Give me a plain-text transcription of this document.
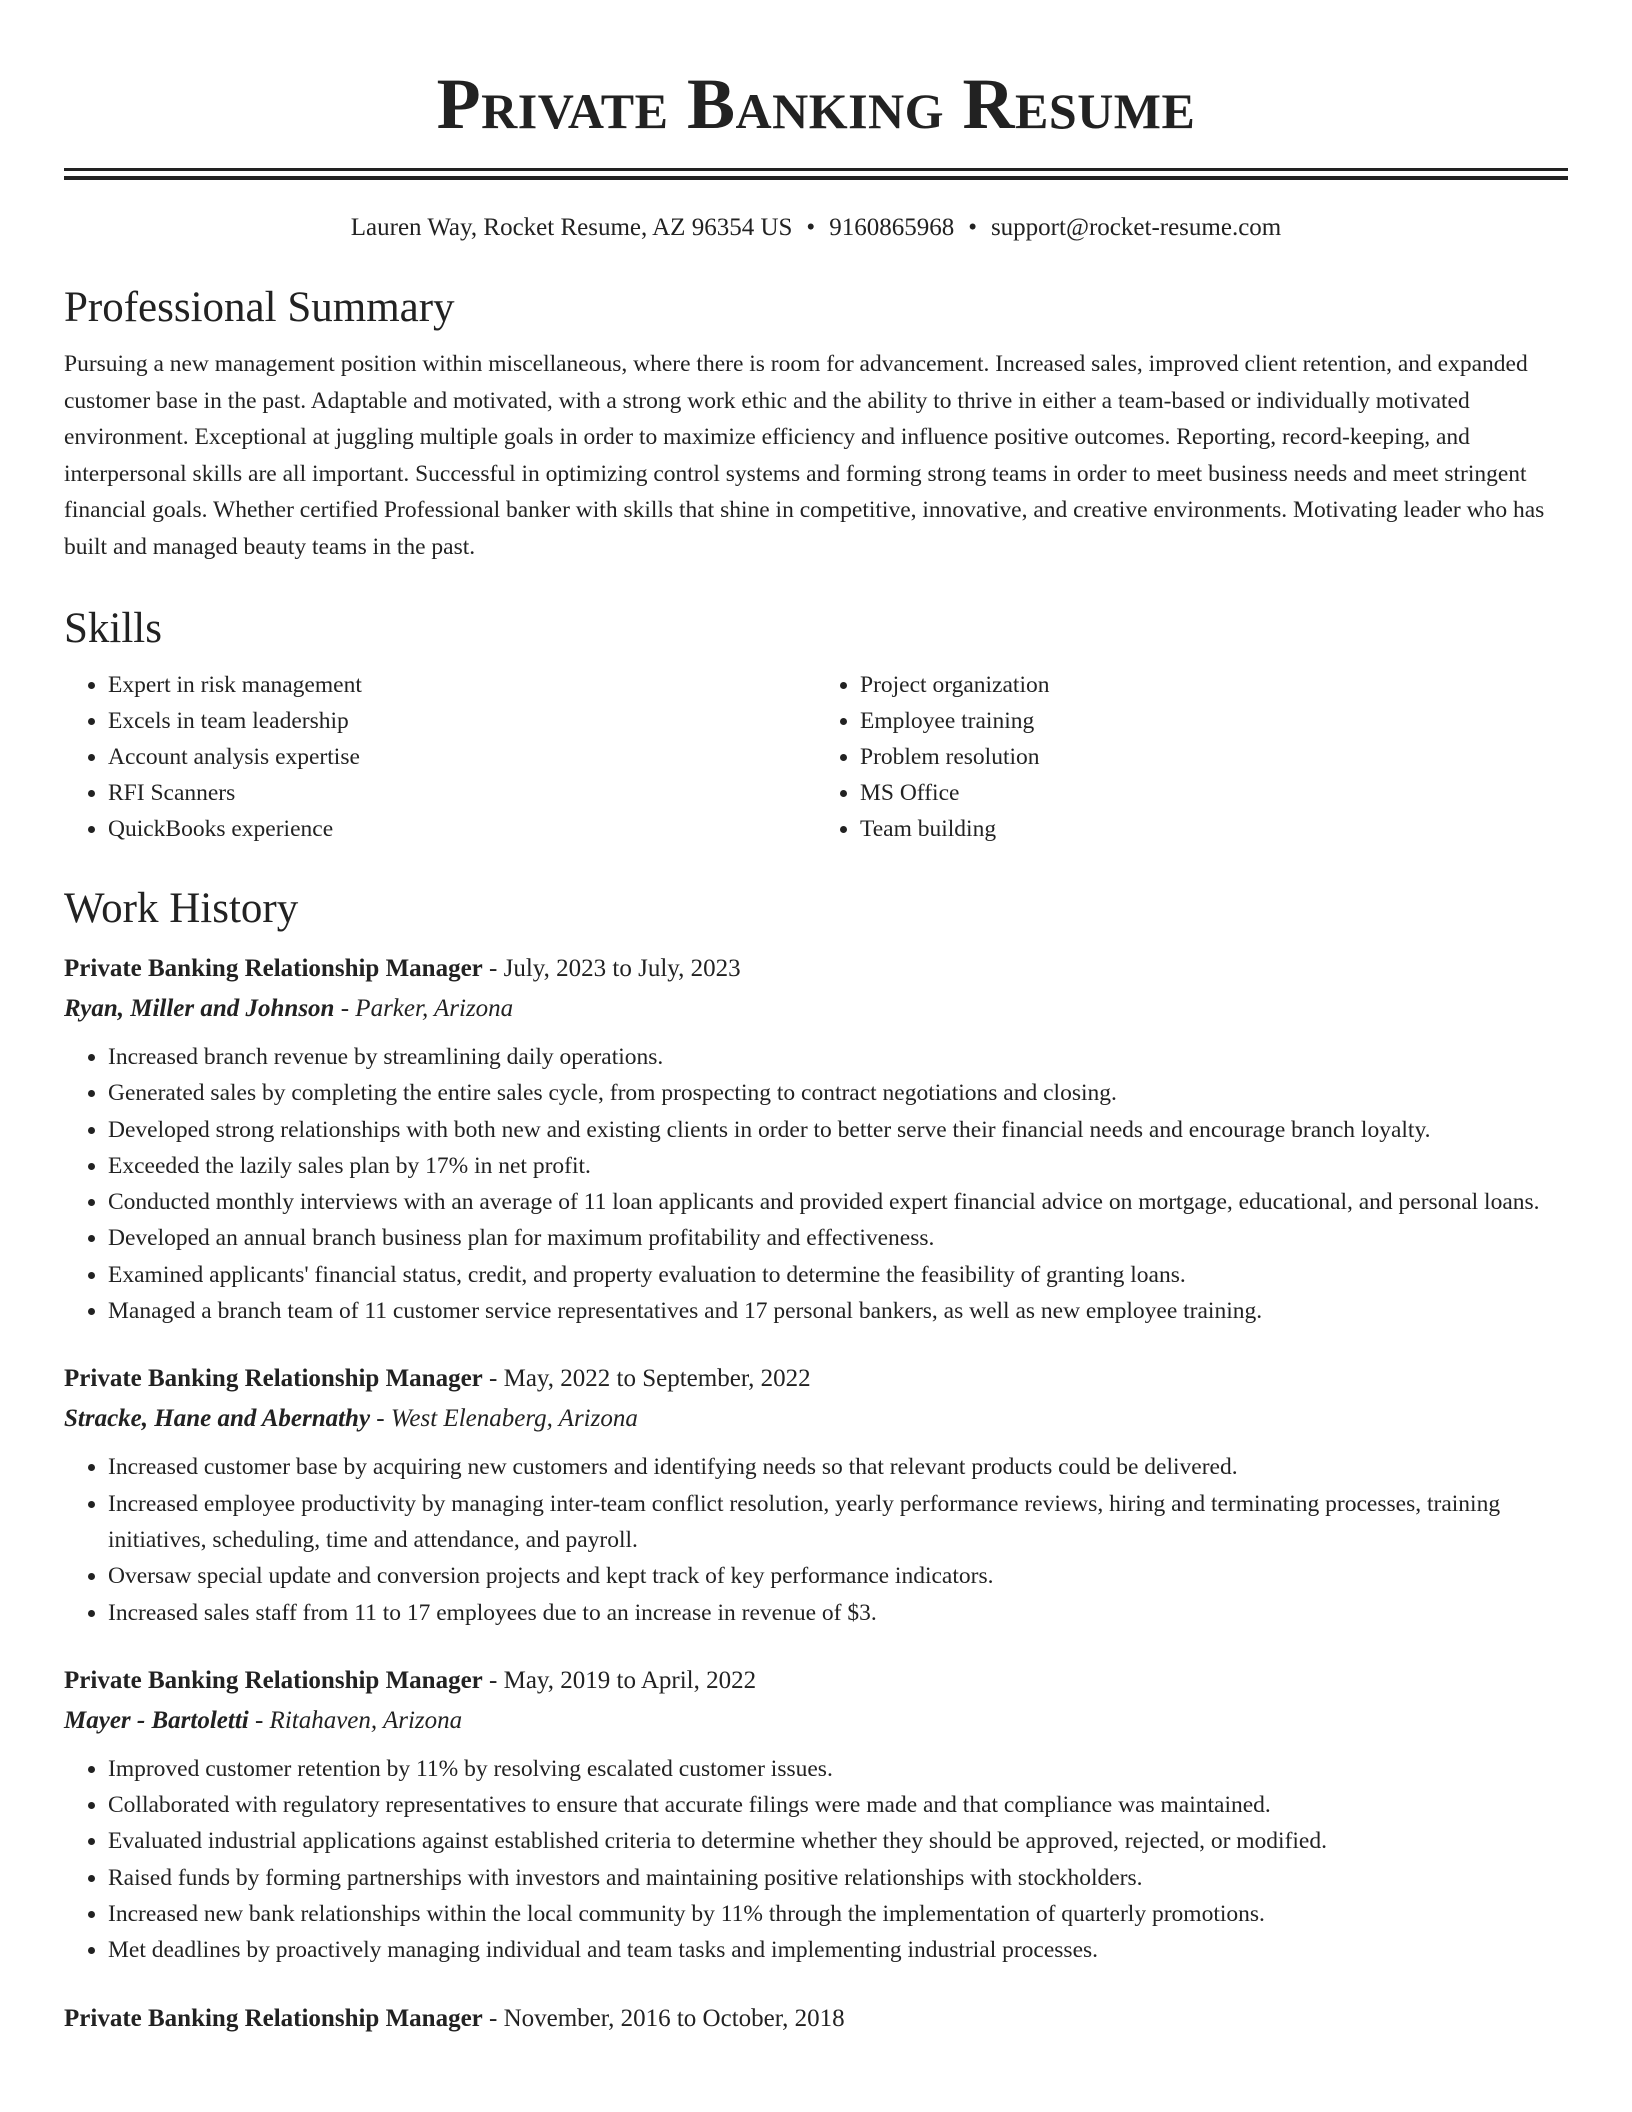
Private Banking Resume
Lauren Way, Rocket Resume, AZ 96354 US • 9160865968 • support@rocket-resume.com
Professional Summary

Pursuing a new management position within miscellaneous, where there is room for advancement. Increased sales, improved client retention, and expanded customer base in the past. Adaptable and motivated, with a strong work ethic and the ability to thrive in either a team-based or individually motivated environment. Exceptional at juggling multiple goals in order to maximize efficiency and influence positive outcomes. Reporting, record-keeping, and interpersonal skills are all important. Successful in optimizing control systems and forming strong teams in order to meet business needs and meet stringent financial goals. Whether certified Professional banker with skills that shine in competitive, innovative, and creative environments. Motivating leader who has built and managed beauty teams in the past.

Skills
• Expert in risk management
• Excels in team leadership
• Account analysis expertise
• RFI Scanners
• QuickBooks experience
• Project organization
• Employee training
• Problem resolution
• MS Office
• Team building
Work History
Private Banking Relationship Manager - July, 2023 to July, 2023
Ryan, Miller and Johnson - Parker, Arizona
• Increased branch revenue by streamlining daily operations.
• Generated sales by completing the entire sales cycle, from prospecting to contract negotiations and closing.
• Developed strong relationships with both new and existing clients in order to better serve their financial needs and encourage branch loyalty.
• Exceeded the lazily sales plan by 17% in net profit.
• Conducted monthly interviews with an average of 11 loan applicants and provided expert financial advice on mortgage, educational, and personal loans.
• Developed an annual branch business plan for maximum profitability and effectiveness.
• Examined applicants' financial status, credit, and property evaluation to determine the feasibility of granting loans.
• Managed a branch team of 11 customer service representatives and 17 personal bankers, as well as new employee training.
Private Banking Relationship Manager - May, 2022 to September, 2022
Stracke, Hane and Abernathy - West Elenaberg, Arizona
• Increased customer base by acquiring new customers and identifying needs so that relevant products could be delivered.
• Increased employee productivity by managing inter-team conflict resolution, yearly performance reviews, hiring and terminating processes, training initiatives, scheduling, time and attendance, and payroll.
• Oversaw special update and conversion projects and kept track of key performance indicators.
• Increased sales staff from 11 to 17 employees due to an increase in revenue of $3.
Private Banking Relationship Manager - May, 2019 to April, 2022
Mayer - Bartoletti - Ritahaven, Arizona
• Improved customer retention by 11% by resolving escalated customer issues.
• Collaborated with regulatory representatives to ensure that accurate filings were made and that compliance was maintained.
• Evaluated industrial applications against established criteria to determine whether they should be approved, rejected, or modified.
• Raised funds by forming partnerships with investors and maintaining positive relationships with stockholders.
• Increased new bank relationships within the local community by 11% through the implementation of quarterly promotions.
• Met deadlines by proactively managing individual and team tasks and implementing industrial processes.
Private Banking Relationship Manager - November, 2016 to October, 2018
